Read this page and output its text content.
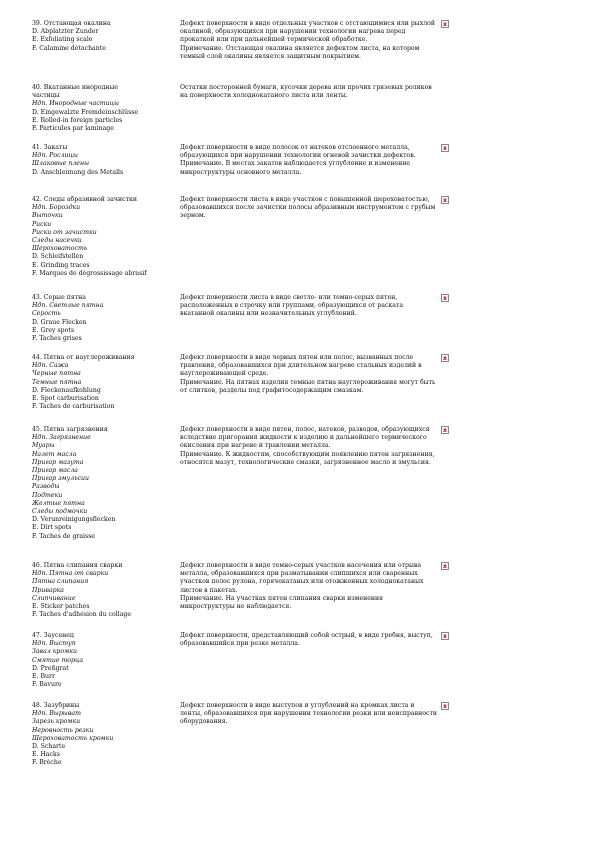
39. Отстающая окалина
D. Abplatzter Zunder
E. Exfoliating scale
F. Calamine détachante

Дефект поверхности в виде отдельных участков с отстающимися или рыхлой окалиной, образующихся при нарушении технологии нагрева перед прокаткой или при дальнейшей термической обработке.

Примечание. Отстающая окалина является дефектом листа, на котором темный слой окалины является защитным покрытием.

x
40. Вкатанные инородные
частицы
Ндп. Инородные частицы
D. Eingewalzte Fremdeinschlüsse
E. Rolled-in foreign particles
F. Particules par laminage

Остатки посторонней бумаги, кусочки дерева или прочих грязевых роликов на поверхности холоднокатаного листа или ленты.

41. Закаты
Ндп. Рослицы
Шлаковые плены
D. Anschleimung des Metalls

Дефект поверхности в виде полосок от натеков отслоенного металла, образующихся при нарушении технологии огневой зачистки дефектов.

Примечание. В местах закатов наблюдается углубление и изменение микроструктуры основного металла.

x
42. Следы абразивной зачистки
Ндп. Бороздки
Выточки
Риски
Риски от зачистки
Следы насечки
Шероховатость
D. Schleifstellen
E. Grinding traces
F. Marques de dégrossissage abrasif

Дефект поверхности листа в виде участков с повышенной шероховатостью, образовавшихся после зачистки полосы абразивным инструментом с грубым зерном.

x
43. Серые пятна
Ндп. Светлые пятна
Серость
D. Graue Flecken
E. Grey spots
F. Taches grises

Дефект поверхности листа в виде светло- или темно-серых пятен, расположенных в строчку или группами, образующихся от раската вкатанной окалины или незначительных углублений.

x
44. Пятна от науглероживания
Ндп. Сажа
Черные пятна
Темные пятна
D. Fleckenaufkohlung
E. Spot carburisation
F. Taches de carburisation

Дефект поверхности в виде черных пятен или полос, вызванных после травления, образовавшихся при длительном нагреве стальных изделий в науглероживающей среде.

Примечание. На пятнах изделия темные пятна науглероживания могут быть от слитков, разделы под графитосодержащим смазкам.

x
45. Пятна загрязнения
Ндп. Загрязнение
Муары
Налет масла
Пригар мазута
Пригар масла
Пригар эмульсии
Разводы
Подтеки
Желтые пятна
Следы подмочки
D. Verunreinigungsflecken
E. Dirt spots
F. Taches de graisse

Дефект поверхности в виде пятен, полос, натеков, разводов, образующихся вследствие пригорания жидкости к изделию и дальнейшего термического окисления при нагреве и травлении металла.

Примечание. К жидкостям, способствующим появлению пятен загрязнения, относятся мазут, технологические смазки, загрязненное масло и эмульсия.

x
46. Пятна слипания сварки
Ндп. Пятна от сварки
Пятна слипания
Приварка
Слипчивание
E. Sticker patches
F. Taches d'adhésion du collage

Дефект поверхности в виде темно-серых участков насечения или отрыва металла, образовавшихся при разматывании слипшихся или сваренных участков полос рулона, горячекатаных или отожженных холоднокатаных листов в пакетах.

Примечание. На участках пятен слипания сварки изменения микроструктуры не наблюдается.

x
47. Заусенец
Ндп. Выступ
Завал кромки
Смятие торца
D. Preßgrat
E. Burr
F. Bavure

Дефект поверхности, представляющий собой острый, в виде гребня, выступ, образовавшийся при резке металла.

x
48. Зазубрины
Ндп. Вырыват
Зарезь кромки
Неровность резки
Шероховатость кромки
D. Scharte
E. Hacks
F. Brèche

Дефект поверхности в виде выступов и углублений на кромках листа и ленты, образовавшихся при нарушении технологии резки или неисправности оборудования.

x
